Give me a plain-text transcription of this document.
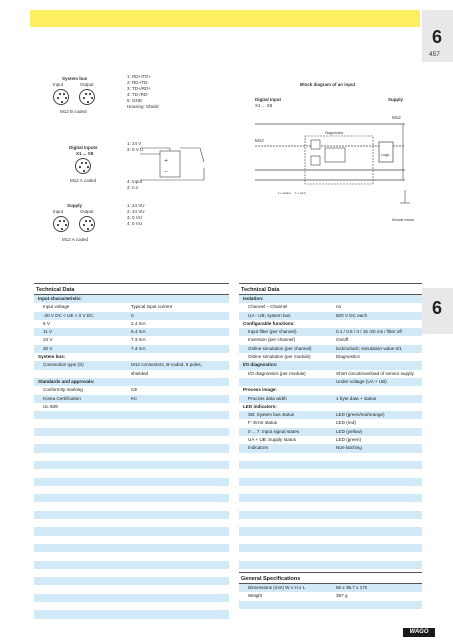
6
457
6
System bus
Input	Output
M12 B coded
1: RD+/TD+
2: RD-/TD-
3: TD+/RD+
4: TD-/RD-
5: GND
Housing: Shield
Digital Inputs
X1 ... X8
M12 A coded
1: 24 V
3: 0 V U
4: Input
2: n.c.
+
−
Supply
Input	Output
M12 A coded
1: 24 VU
2: 24 VU
3: 0 VU
4: 0 VU
Block diagram of an input
Digital Input
X1 ... X8
Supply
M12
M12
Diagnostics
Logic
1 x status 1 x error
Module mount
Technical Data
Input characteristic:
Input voltage	Typical input current
-30 V DC < UE < 0 V DC	0
5 V	2.4 mA
11 V	6.4 mA
24 V	7.3 mA
30 V	7.4 mA
System bus:
Connection type (S)	M12 connectors, B-coded, 5 poles,
shielded
Standards and approvals:
Conformity marking	CE
Korea Certification	KC
UL 508
Technical Data
Isolation:
Channel – Channel	no
UA - UB; system bus	500 V DC each
Configurable functions:
Input filter (per channel)	0.1 / 0.5 / 3 / 15 /20 ms / filter off
Inversion (per channel)	On/off
Online simulation (per channel)	lock/unlock; simulation value 0/1
Online simulation (per module)	Diagnostics
I/O diagnostics:
I/O diagnostics (per module)	Short circuit/overload of sensor supply
Under voltage (UA + UB)
Process image:
Process data width	1 byte data + status
LED indicators:
SB: System bus status	LED (green/red/orange)
F: Error status	LED (red)
0 ... 7: Input signal states	LED (yellow)
UA + UB: Supply status	LED (green)
Indicators	Non-latching
General Specifications
Dimensions (mm) W x H x L	50 x 35.7 x 170
Weight	387 g
WAGO
